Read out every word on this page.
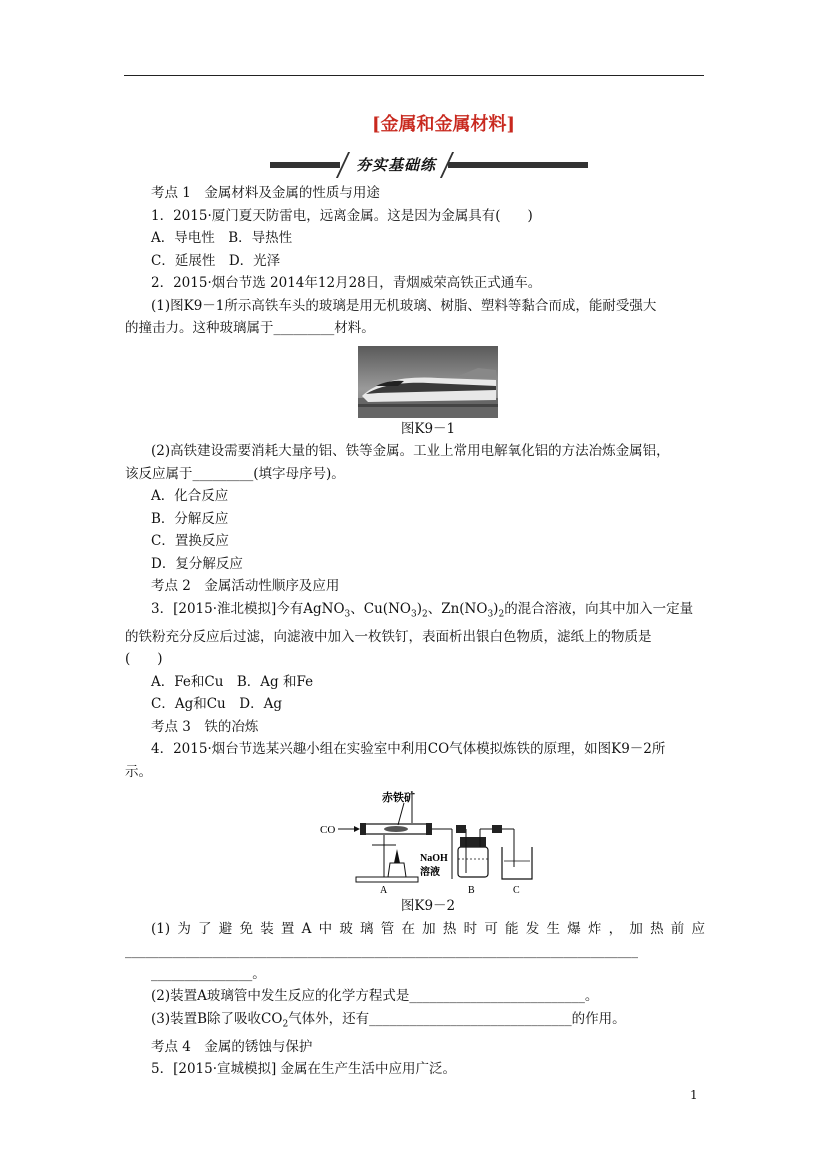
[金属和金属材料]
夯实基础练
考点 1　金属材料及金属的性质与用途
1．2015·厦门夏天防雷电，远离金属。这是因为金属具有(　　)
A．导电性　B．导热性
C．延展性　D．光泽
2．2015·烟台节选 2014年12月28日，青烟威荣高铁正式通车。
(1)图K9－1所示高铁车头的玻璃是用无机玻璃、树脂、塑料等黏合而成，能耐受强大
的撞击力。这种玻璃属于_________材料。
图K9－1
(2)高铁建设需要消耗大量的铝、铁等金属。工业上常用电解氧化铝的方法冶炼金属铝，
该反应属于_________(填字母序号)。
A．化合反应
B．分解反应
C．置换反应
D．复分解反应
考点 2　金属活动性顺序及应用
3．[2015·淮北模拟]今有AgNO$_3$、$Cu(NO_3)_2$、$Zn(NO_3)_2$的混合溶液，向其中加入一定量
的铁粉充分反应后过滤，向滤液中加入一枚铁钉，表面析出银白色物质，滤纸上的物质是
(　　)
A．Fe和Cu　B．Ag 和Fe
C．Ag和Cu　D．Ag
考点 3　铁的冶炼
4．2015·烟台节选某兴趣小组在实验室中利用CO气体模拟炼铁的原理，如图K9－2所
示。
CO
赤铁矿
A
NaOH
溶液
B	C
图K9－2
(1)为了避免装置A中玻璃管在加热时可能发生爆炸，加热前应
____________________________________________________________________________
_______________。
(2)装置A玻璃管中发生反应的化学方程式是__________________________。
(3)装置B除了吸收$CO_2$气体外，还有______________________________的作用。
考点 4　金属的锈蚀与保护
5．[2015·宣城模拟] 金属在生产生活中应用广泛。
1
